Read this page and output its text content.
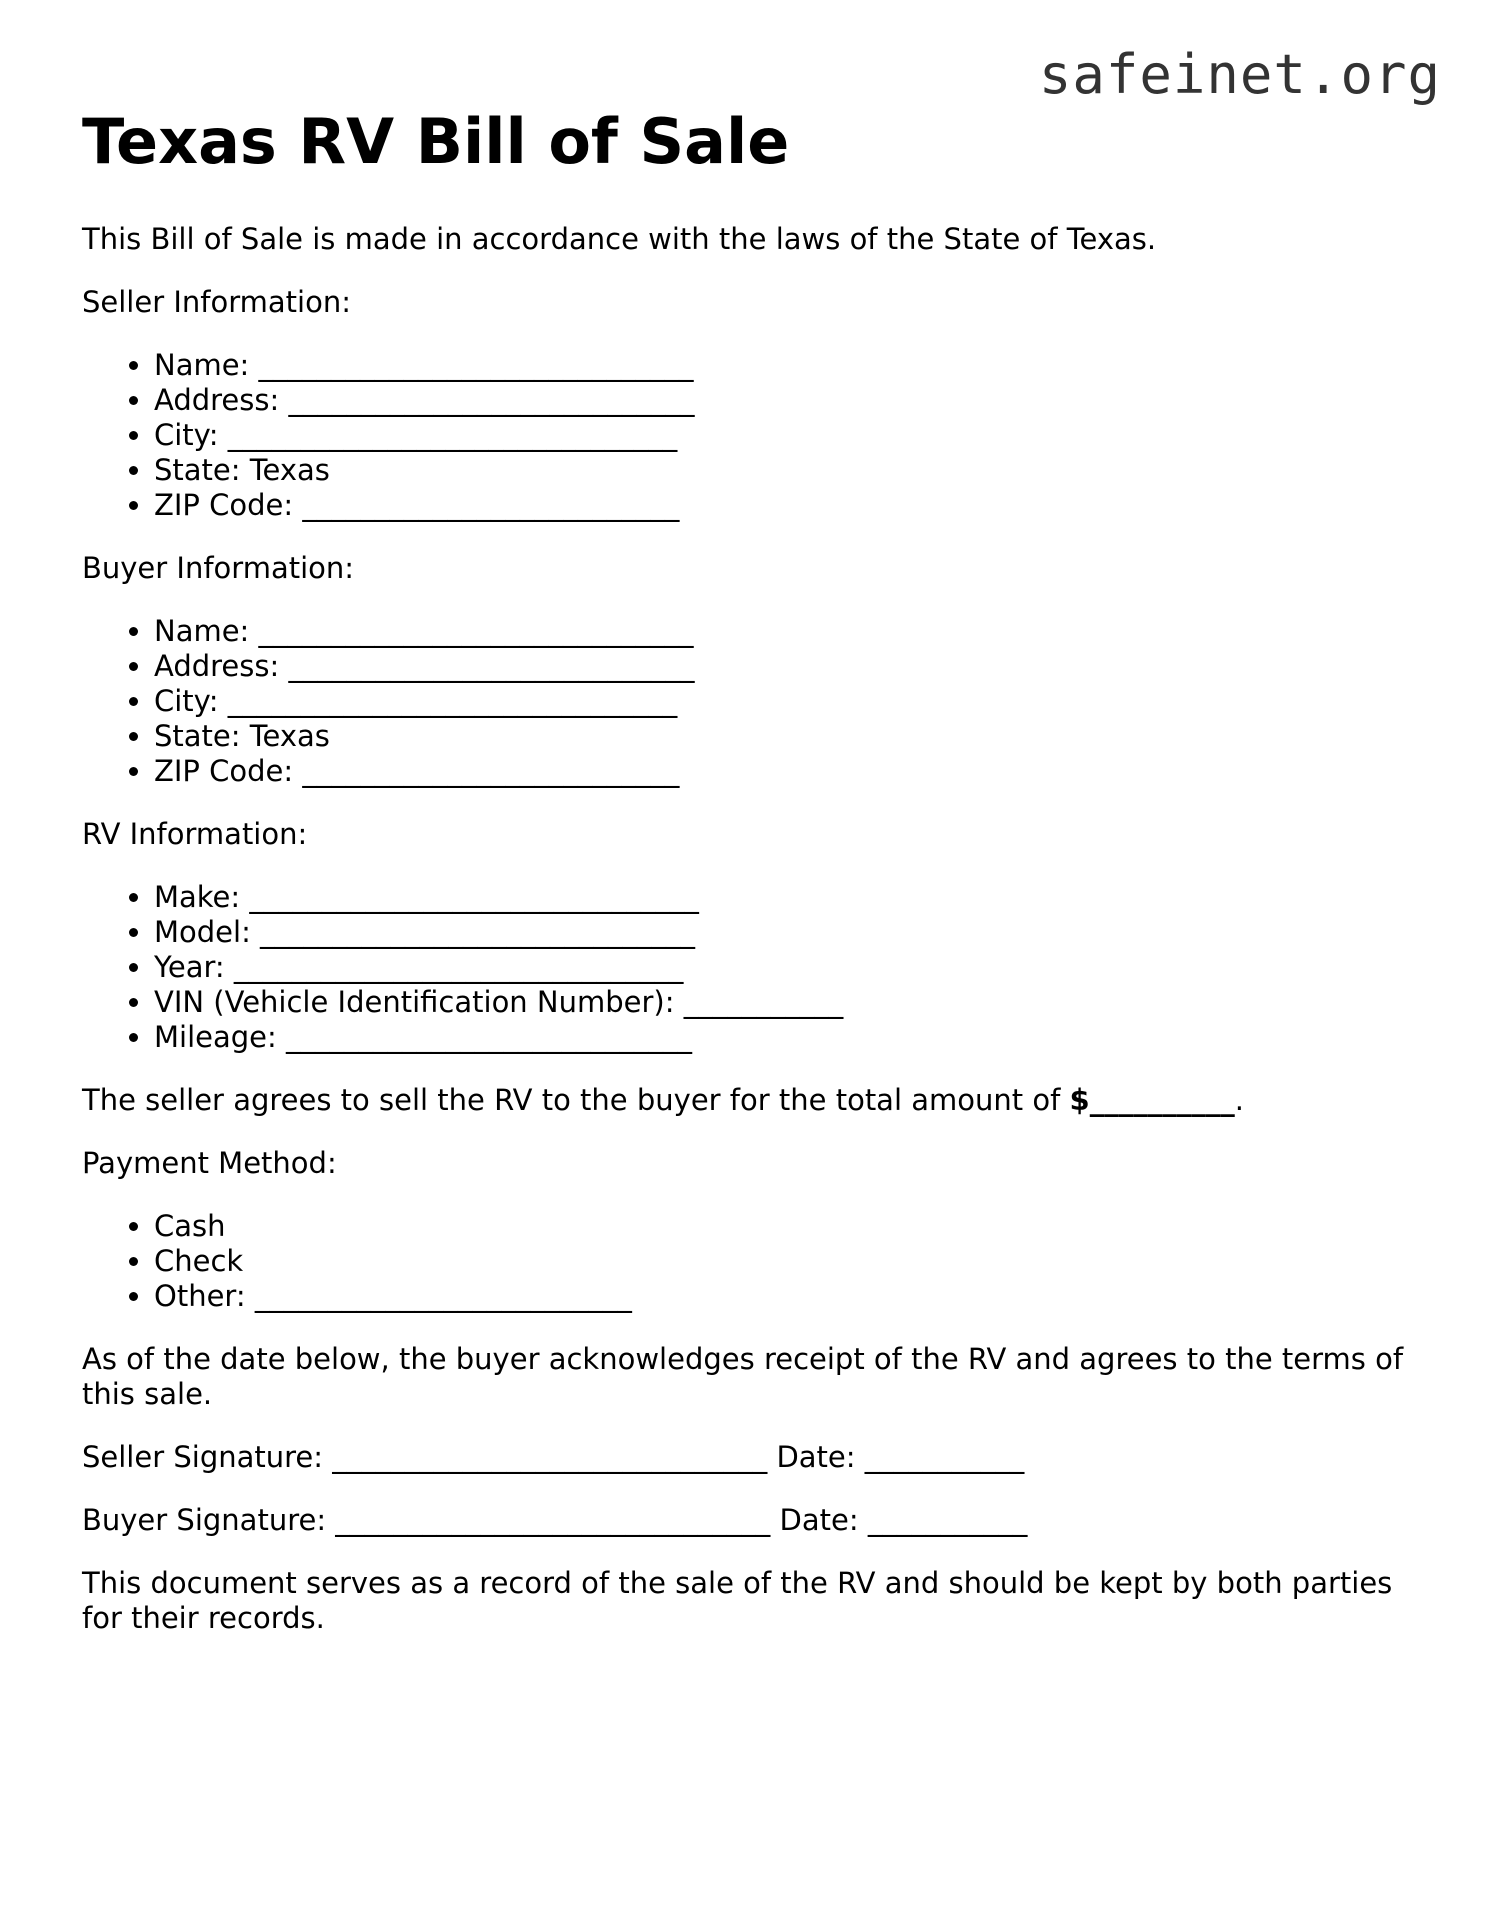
safeinet.org
Texas RV Bill of Sale

This Bill of Sale is made in accordance with the laws of the State of Texas.

Seller Information:

• Name: ______________________________
• Address: ____________________________
• City: _______________________________
• State: Texas
• ZIP Code: __________________________

Buyer Information:

• Name: ______________________________
• Address: ____________________________
• City: _______________________________
• State: Texas
• ZIP Code: __________________________

RV Information:

• Make: _______________________________
• Model: ______________________________
• Year: _______________________________
• VIN (Vehicle Identification Number): ___________
• Mileage: ____________________________

The seller agrees to sell the RV to the buyer for the total amount of $__________.

Payment Method:

• Cash
• Check
• Other: __________________________

As of the date below, the buyer acknowledges receipt of the RV and agrees to the terms of this sale.

Seller Signature: ______________________________ Date: ___________

Buyer Signature: ______________________________ Date: ___________

This document serves as a record of the sale of the RV and should be kept by both parties for their records.
